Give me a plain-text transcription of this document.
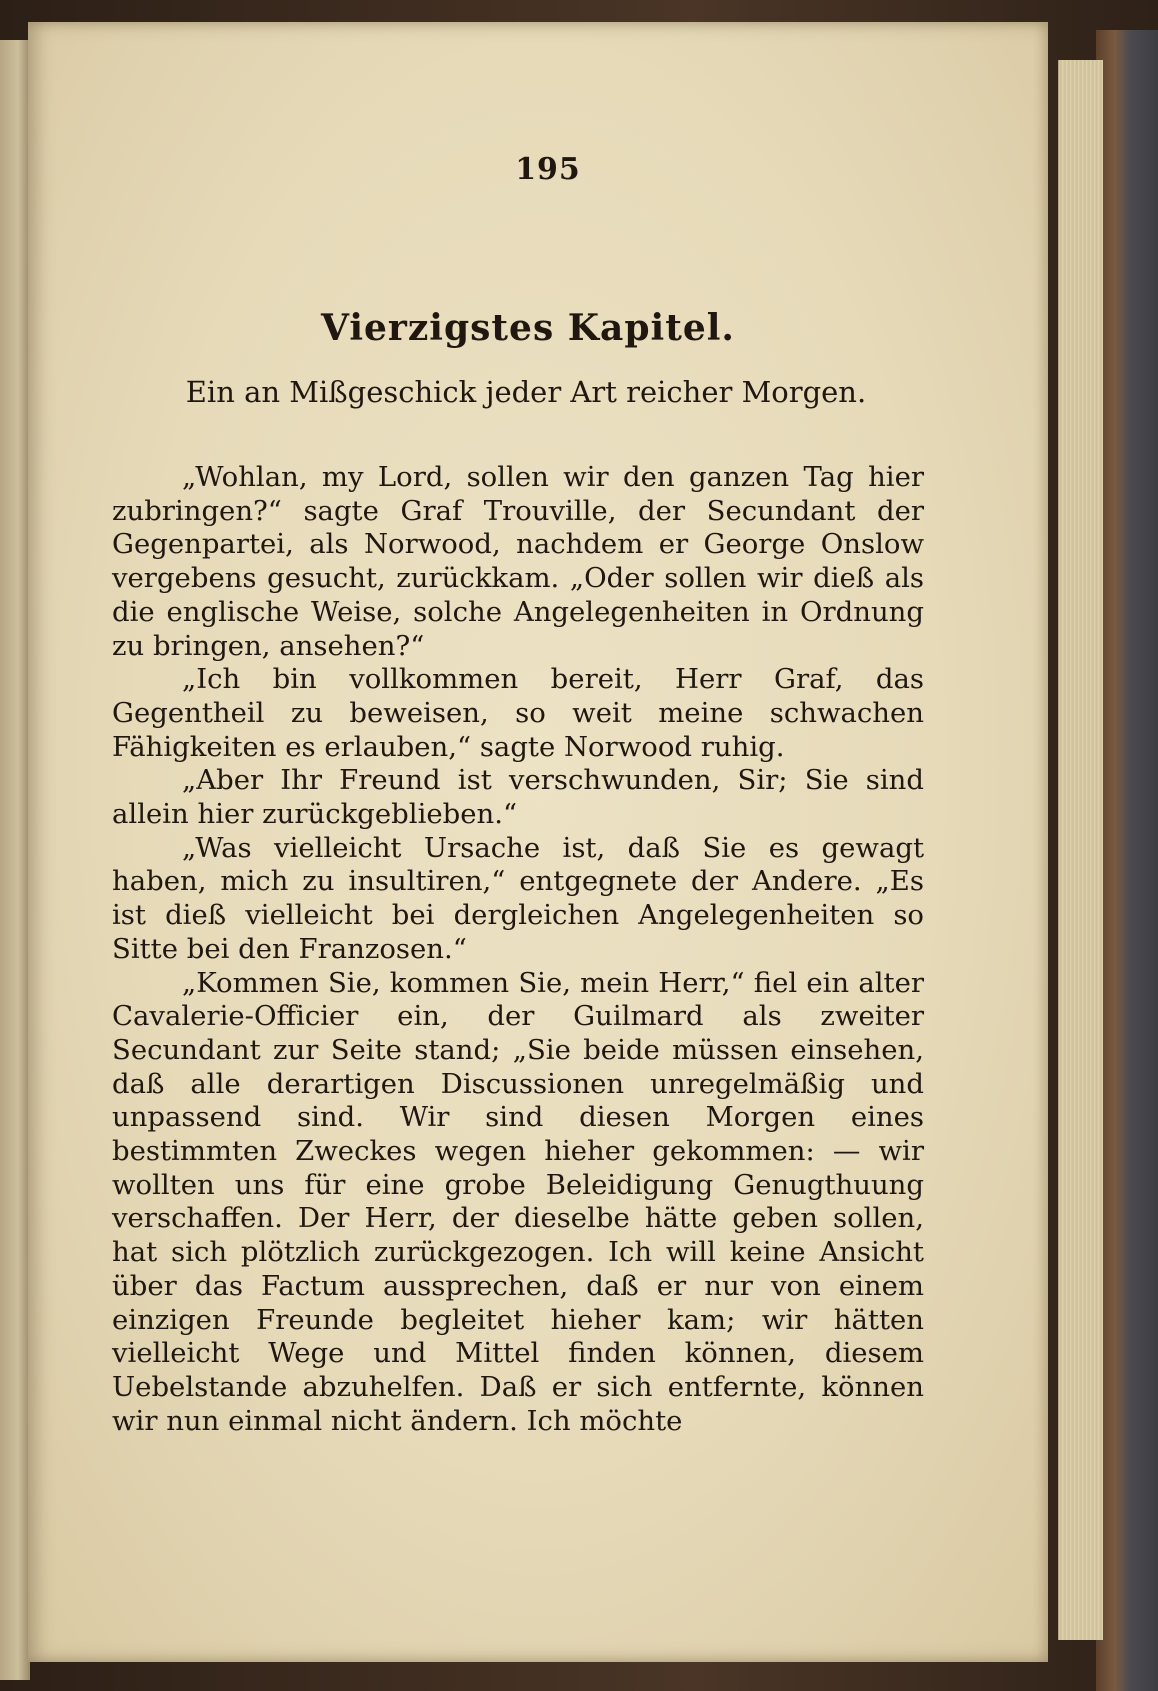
195
Vierzigstes Kapitel.
Ein an Mißgeschick jeder Art reicher Morgen.

„Wohlan, my Lord, sollen wir den ganzen Tag hier zubringen?“ sagte Graf Trouville, der Secundant der Gegenpartei, als Norwood, nachdem er George Onslow vergebens gesucht, zurückkam. „Oder sollen wir dieß als die englische Weise, solche Angelegenheiten in Ordnung zu bringen, ansehen?“

„Ich bin vollkommen bereit, Herr Graf, das Gegentheil zu beweisen, so weit meine schwachen Fähigkeiten es erlauben,“ sagte Norwood ruhig.

„Aber Ihr Freund ist verschwunden, Sir; Sie sind allein hier zurückgeblieben.“

„Was vielleicht Ursache ist, daß Sie es gewagt haben, mich zu insultiren,“ entgegnete der Andere. „Es ist dieß vielleicht bei dergleichen Angelegenheiten so Sitte bei den Franzosen.“

„Kommen Sie, kommen Sie, mein Herr,“ fiel ein alter Cavalerie-Officier ein, der Guilmard als zweiter Secundant zur Seite stand; „Sie beide müssen einsehen, daß alle derartigen Discussionen unregelmäßig und unpassend sind. Wir sind diesen Morgen eines bestimmten Zweckes wegen hieher gekommen: — wir wollten uns für eine grobe Beleidigung Genugthuung verschaffen. Der Herr, der dieselbe hätte geben sollen, hat sich plötzlich zurückgezogen. Ich will keine Ansicht über das Factum aussprechen, daß er nur von einem einzigen Freunde begleitet hieher kam; wir hätten vielleicht Wege und Mittel finden können, diesem Uebelstande abzuhelfen. Daß er sich entfernte, können wir nun einmal nicht ändern. Ich möchte
